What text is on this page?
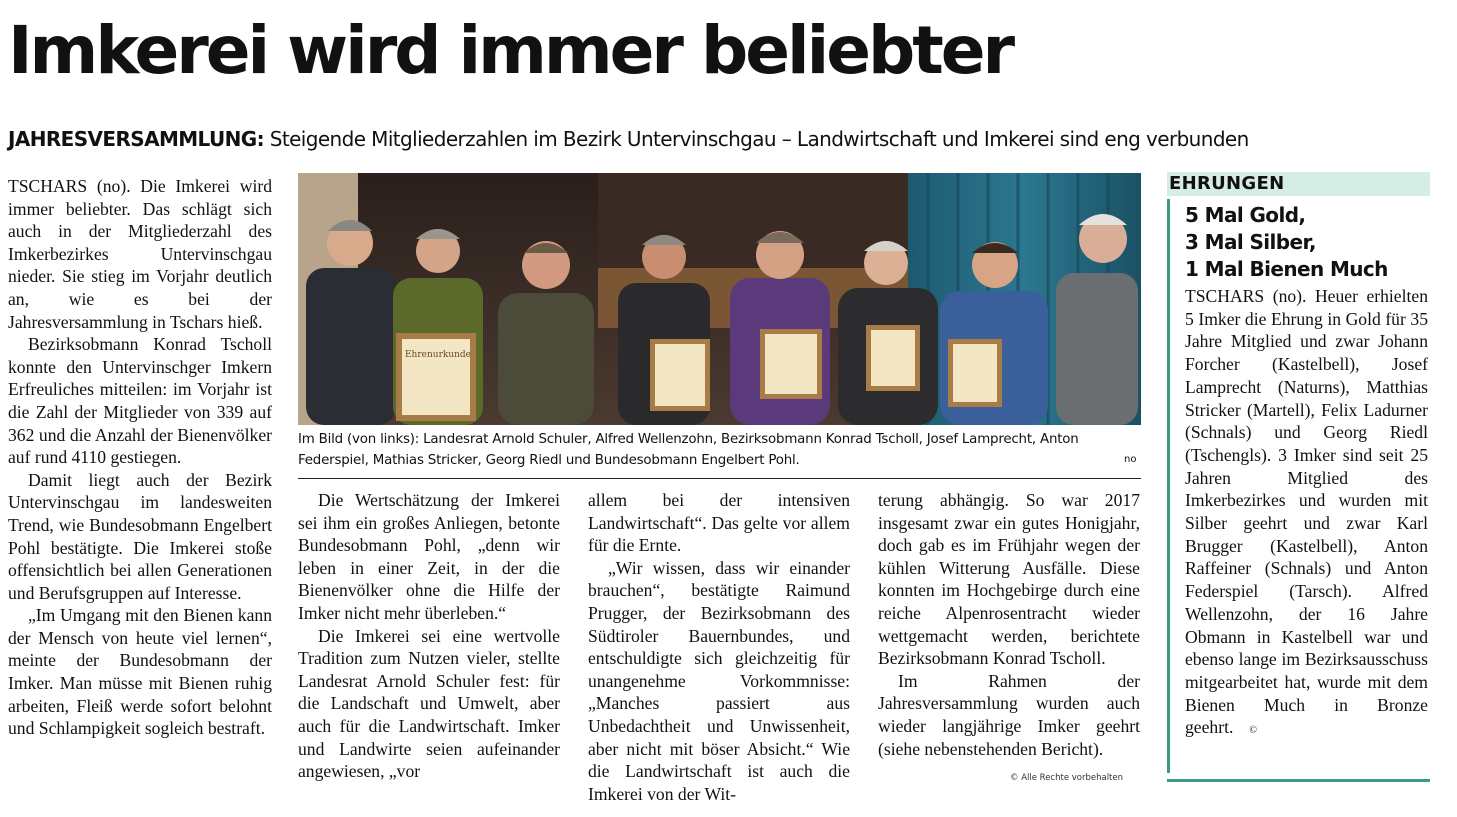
Imkerei wird immer beliebter
JAHRESVERSAMMLUNG: Steigende Mitgliederzahlen im Bezirk Untervinschgau – Landwirtschaft und Imkerei sind eng verbunden

TSCHARS (no). Die Imkerei wird immer beliebter. Das schlägt sich auch in der Mitgliederzahl des Imkerbezirkes Untervinschgau nieder. Sie stieg im Vorjahr deutlich an, wie es bei der Jahresversammlung in Tschars hieß.

Bezirksobmann Konrad Tscholl konnte den Untervinschger Imkern Erfreuliches mitteilen: im Vorjahr ist die Zahl der Mitglieder von 339 auf 362 und die Anzahl der Bienenvölker auf rund 4110 gestiegen.

Damit liegt auch der Bezirk Untervinschgau im landesweiten Trend, wie Bundesobmann Engelbert Pohl bestätigte. Die Imkerei stoße offensichtlich bei allen Generationen und Berufsgruppen auf Interesse.

„Im Umgang mit den Bienen kann der Mensch von heute viel lernen“, meinte der Bundesobmann der Imker. Man müsse mit Bienen ruhig arbeiten, Fleiß werde sofort belohnt und Schlampigkeit sogleich bestraft.

Ehrenurkunde
Im Bild (von links): Landesrat Arnold Schuler, Alfred Wellenzohn, Bezirksobmann Konrad Tscholl, Josef Lamprecht, Anton Federspiel, Mathias Stricker, Georg Riedl und Bundesobmann Engelbert Pohl.	no

Die Wertschätzung der Imkerei sei ihm ein großes Anliegen, betonte Bundesobmann Pohl, „denn wir leben in einer Zeit, in der die Bienenvölker ohne die Hilfe der Imker nicht mehr überleben.“

Die Imkerei sei eine wertvolle Tradition zum Nutzen vieler, stellte Landesrat Arnold Schuler fest: für die Landschaft und Umwelt, aber auch für die Landwirtschaft. Imker und Landwirte seien aufeinander angewiesen, „vor

allem bei der intensiven Landwirtschaft“. Das gelte vor allem für die Ernte.

„Wir wissen, dass wir einander brauchen“, bestätigte Raimund Prugger, der Bezirksobmann des Südtiroler Bauernbundes, und entschuldigte sich gleichzeitig für unangenehme Vorkommnisse: „Manches passiert aus Unbedachtheit und Unwissenheit, aber nicht mit böser Absicht.“ Wie die Landwirtschaft ist auch die Imkerei von der Wit-

terung abhängig. So war 2017 insgesamt zwar ein gutes Honigjahr, doch gab es im Frühjahr wegen der kühlen Witterung Ausfälle. Diese konnten im Hochgebirge durch eine reiche Alpenrosentracht wieder wettgemacht werden, berichtete Bezirksobmann Konrad Tscholl.

Im Rahmen der Jahresversammlung wurden auch wieder langjährige Imker geehrt (siehe nebenstehenden Bericht).

© Alle Rechte vorbehalten
EHRUNGEN
5 Mal Gold,
3 Mal Silber,
1 Mal Bienen Much
TSCHARS (no). Heuer erhielten 5 Imker die Ehrung in Gold für 35 Jahre Mitglied und zwar Johann Forcher (Kastelbell), Josef Lamprecht (Naturns), Matthias Stricker (Martell), Felix Ladurner (Schnals) und Georg Riedl (Tschengls). 3 Imker sind seit 25 Jahren Mitglied des Imkerbezirkes und wurden mit Silber geehrt und zwar Karl Brugger (Kastelbell), Anton Raffeiner (Schnals) und Anton Federspiel (Tarsch). Alfred Wellenzohn, der 16 Jahre Obmann in Kastelbell war und ebenso lange im Bezirksausschuss mitgearbeitet hat, wurde mit dem Bienen Much in Bronze geehrt. ©
